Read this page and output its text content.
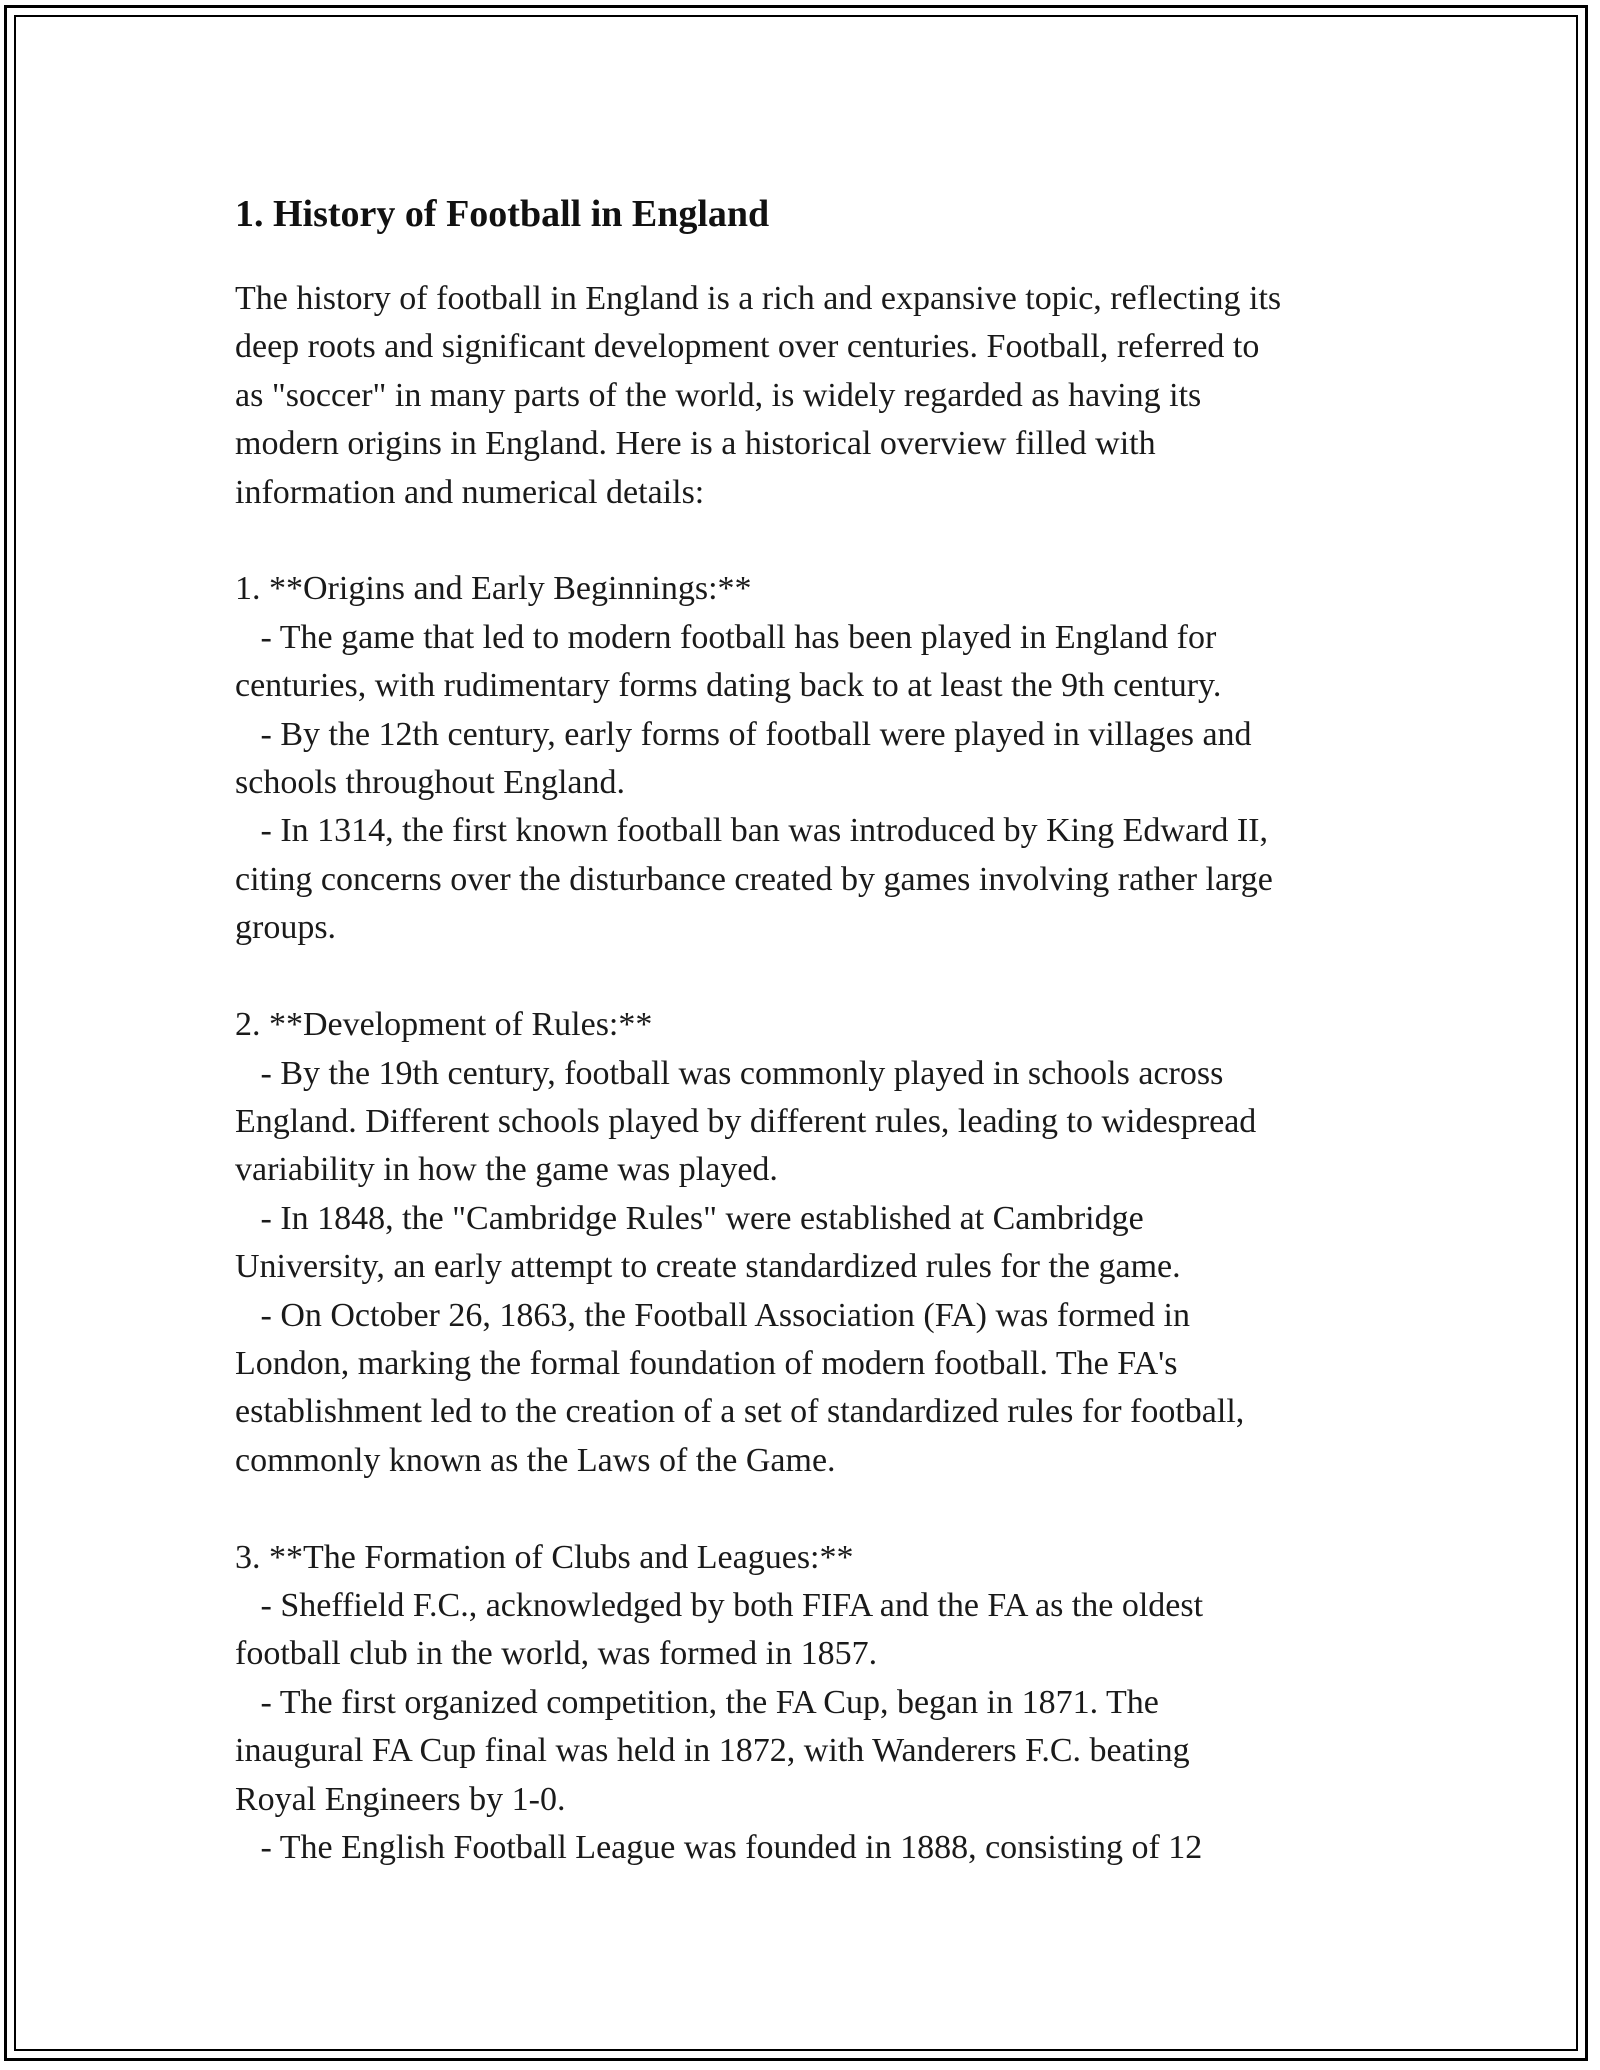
1. History of Football in England

The history of football in England is a rich and expansive topic, reflecting its
deep roots and significant development over centuries. Football, referred to
as "soccer" in many parts of the world, is widely regarded as having its
modern origins in England. Here is a historical overview filled with
information and numerical details:

1. **Origins and Early Beginnings:**
- The game that led to modern football has been played in England for
centuries, with rudimentary forms dating back to at least the 9th century.
- By the 12th century, early forms of football were played in villages and
schools throughout England.
- In 1314, the first known football ban was introduced by King Edward II,
citing concerns over the disturbance created by games involving rather large
groups.

2. **Development of Rules:**
- By the 19th century, football was commonly played in schools across
England. Different schools played by different rules, leading to widespread
variability in how the game was played.
- In 1848, the "Cambridge Rules" were established at Cambridge
University, an early attempt to create standardized rules for the game.
- On October 26, 1863, the Football Association (FA) was formed in
London, marking the formal foundation of modern football. The FA's
establishment led to the creation of a set of standardized rules for football,
commonly known as the Laws of the Game.

3. **The Formation of Clubs and Leagues:**
- Sheffield F.C., acknowledged by both FIFA and the FA as the oldest
football club in the world, was formed in 1857.
- The first organized competition, the FA Cup, began in 1871. The
inaugural FA Cup final was held in 1872, with Wanderers F.C. beating
Royal Engineers by 1-0.
- The English Football League was founded in 1888, consisting of 12
